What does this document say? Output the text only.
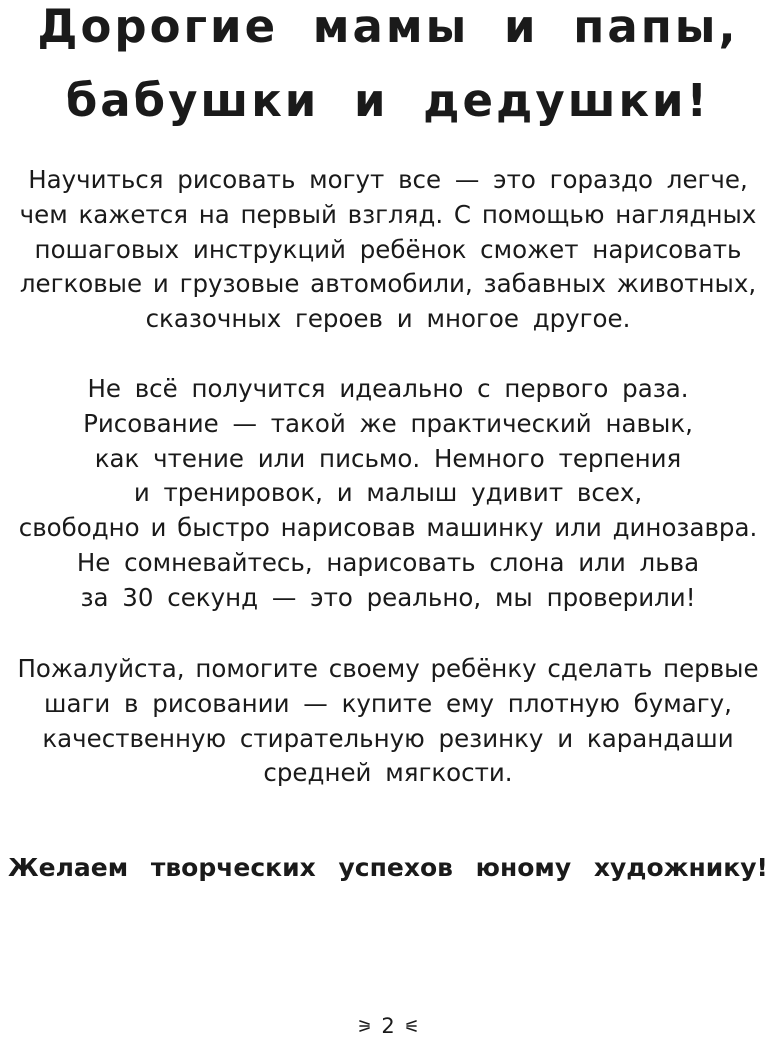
Дорогие мамы и папы,
бабушки и дедушки!
Научиться рисовать могут все — это гораздо легче,
чем кажется на первый взгляд. С помощью наглядных
пошаговых инструкций ребёнок сможет нарисовать
легковые и грузовые автомобили, забавных животных,
сказочных героев и многое другое.
Не всё получится идеально с первого раза.
Рисование — такой же практический навык,
как чтение или письмо. Немного терпения
и тренировок, и малыш удивит всех,
свободно и быстро нарисовав машинку или динозавра.
Не сомневайтесь, нарисовать слона или льва
за 30 секунд — это реально, мы проверили!
Пожалуйста, помогите своему ребёнку сделать первые
шаги в рисовании — купите ему плотную бумагу,
качественную стирательную резинку и карандаши
средней мягкости.

Желаем творческих успехов юному художнику!

2
